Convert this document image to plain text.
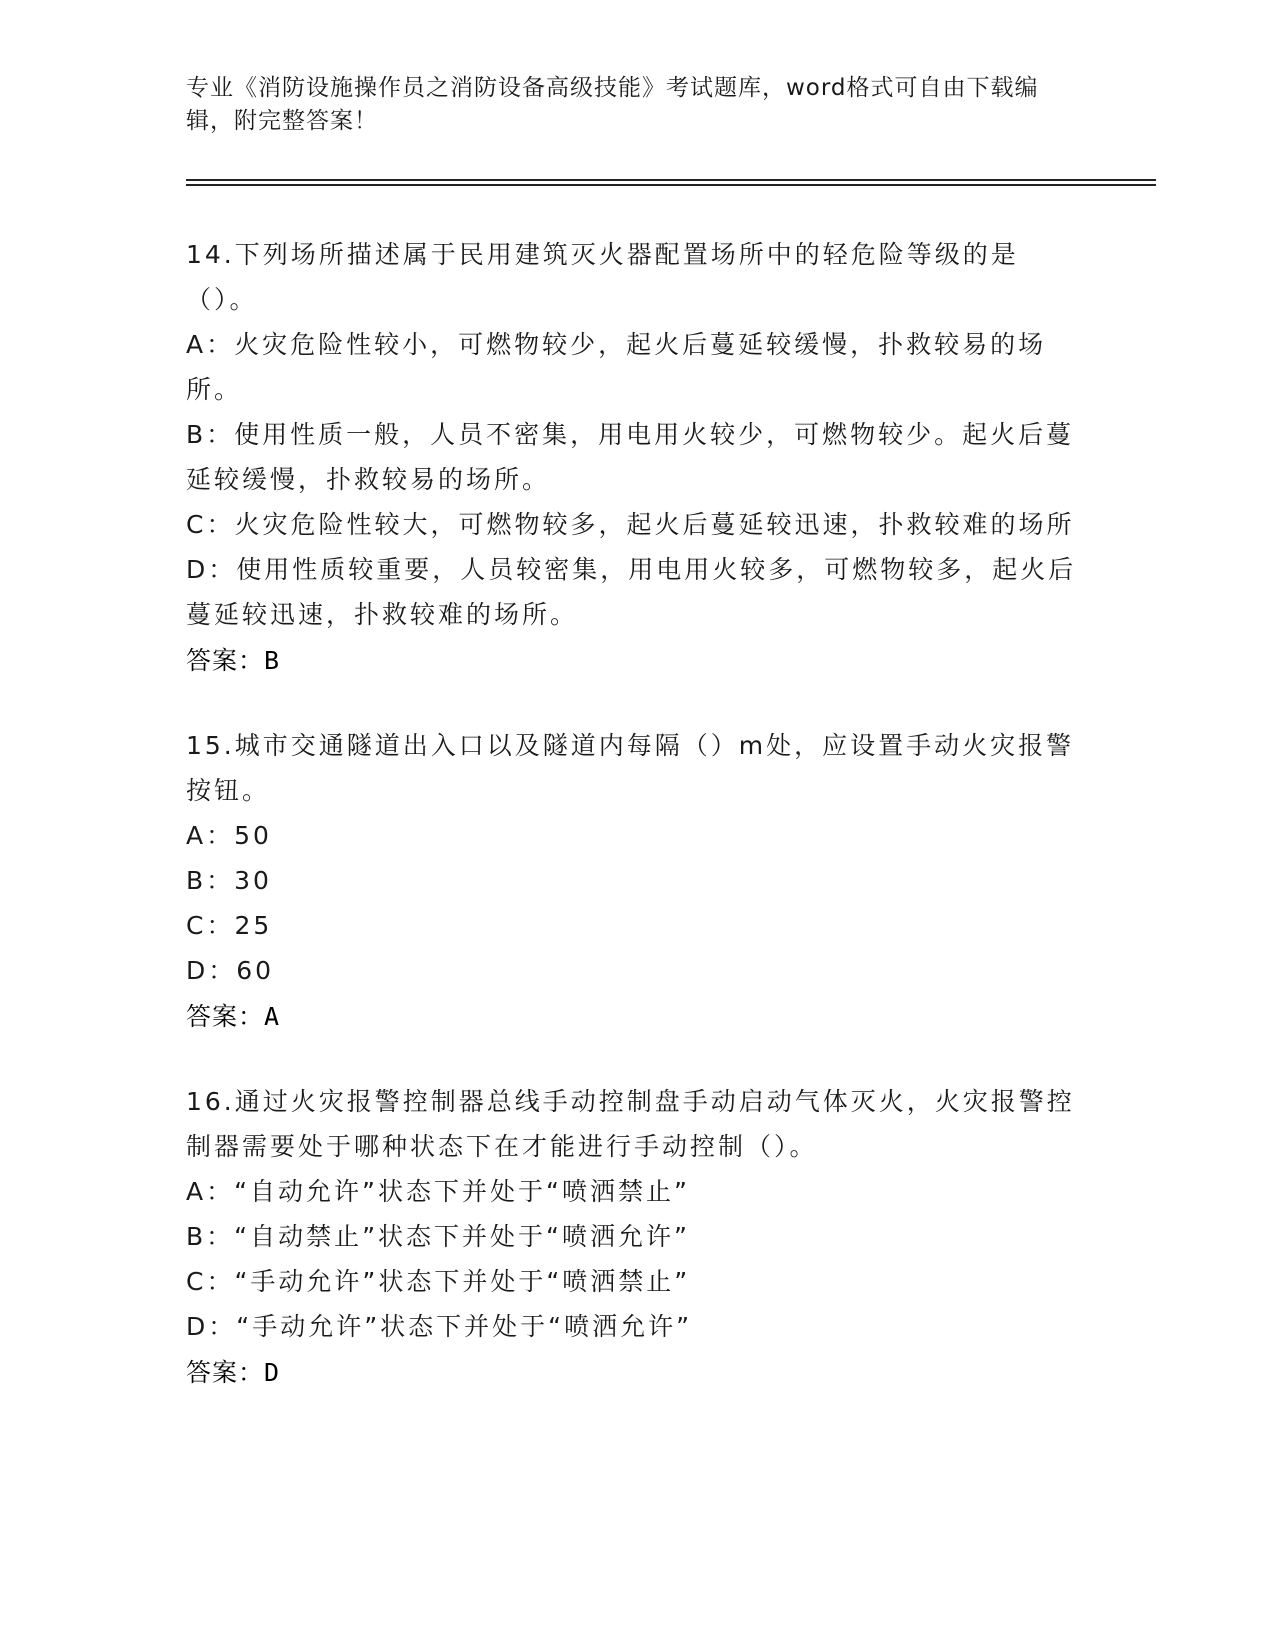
专业《消防设施操作员之消防设备高级技能》考试题库，word格式可自由下载编辑，附完整答案！
14.下列场所描述属于民用建筑灭火器配置场所中的轻危险等级的是（）。
A：火灾危险性较小，可燃物较少，起火后蔓延较缓慢，扑救较易的场所。
B：使用性质一般，人员不密集，用电用火较少，可燃物较少。起火后蔓延较缓慢，扑救较易的场所。
C：火灾危险性较大，可燃物较多，起火后蔓延较迅速，扑救较难的场所
D：使用性质较重要，人员较密集，用电用火较多，可燃物较多，起火后蔓延较迅速，扑救较难的场所。
答案：B
15.城市交通隧道出入口以及隧道内每隔（）m处，应设置手动火灾报警按钮。
A：50
B：30
C：25
D：60
答案：A
16.通过火灾报警控制器总线手动控制盘手动启动气体灭火，火灾报警控制器需要处于哪种状态下在才能进行手动控制（）。
A：“自动允许”状态下并处于“喷洒禁止”
B：“自动禁止”状态下并处于“喷洒允许”
C：“手动允许”状态下并处于“喷洒禁止”
D：“手动允许”状态下并处于“喷洒允许”
答案：D
